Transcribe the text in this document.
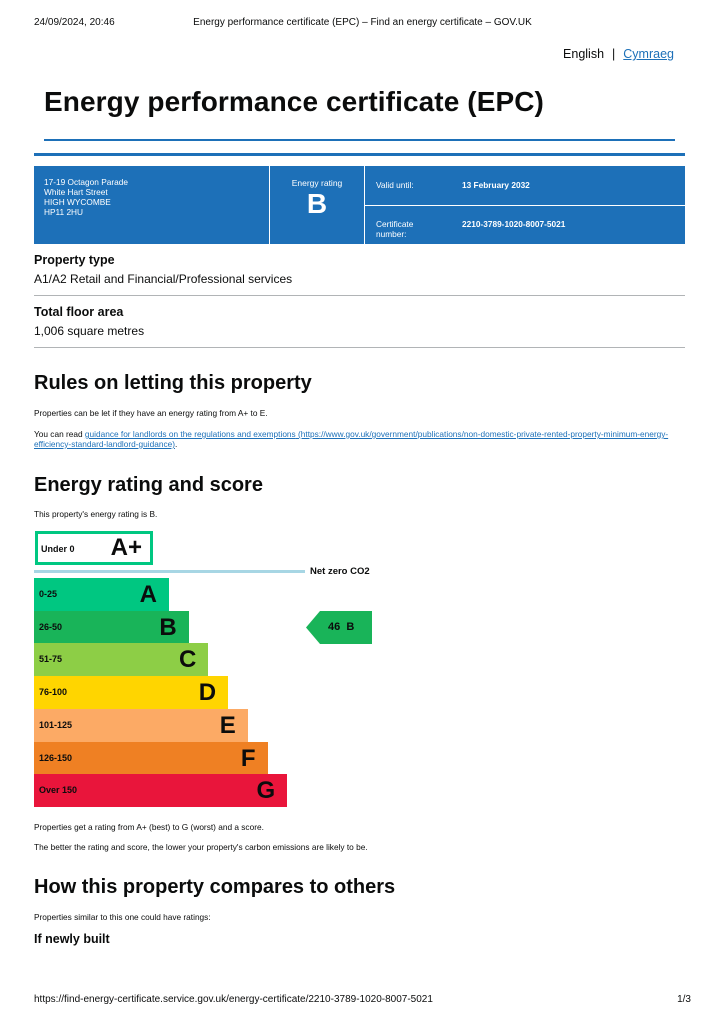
24/09/2024, 20:46	Energy performance certificate (EPC) – Find an energy certificate – GOV.UK
English | Cymraeg
Energy performance certificate (EPC)
17-19 Octagon Parade
White Hart Street
HIGH WYCOMBE
HP11 2HU
Energy rating
B
Valid until:	13 February 2032
Certificate number:
2210-3789-1020-8007-5021
Property type
A1/A2 Retail and Financial/Professional services
Total floor area
1,006 square metres
Rules on letting this property

Properties can be let if they have an energy rating from A+ to E.

You can read guidance for landlords on the regulations and exemptions (https://www.gov.uk/government/publications/non-domestic-private-rented-property-minimum-energy-efficiency-standard-landlord-guidance).

Energy rating and score

This property's energy rating is B.

Under 0 A+
Net zero CO2
46 B
0-25	A
26-50	B
51-75	C
76-100	D
101-125	E
126-150	F
Over 150	G

Properties get a rating from A+ (best) to G (worst) and a score.

The better the rating and score, the lower your property's carbon emissions are likely to be.

How this property compares to others

Properties similar to this one could have ratings:

If newly built
https://find-energy-certificate.service.gov.uk/energy-certificate/2210-3789-1020-8007-5021	1/3
